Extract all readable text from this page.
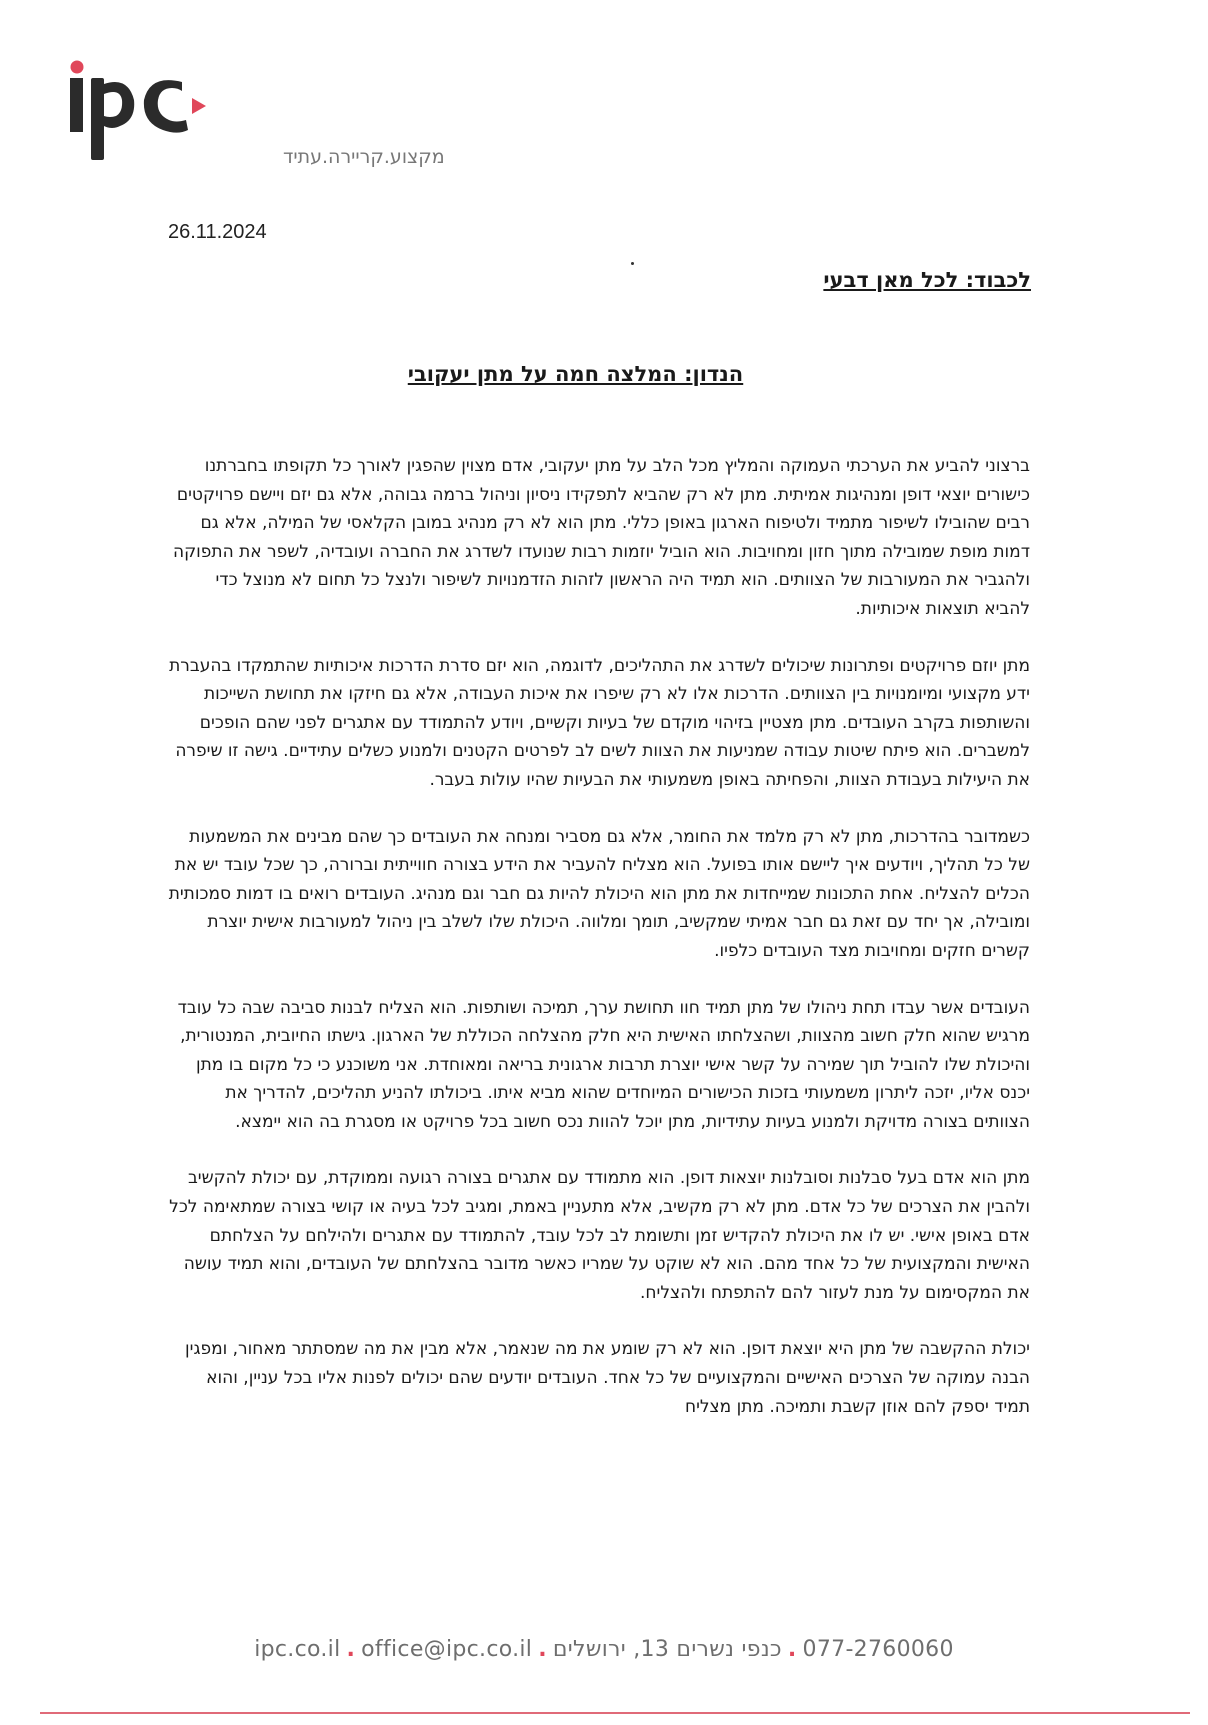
מקצוע.קריירה.עתיד
26.11.2024
לכבוד: לכל מאן דבעי
הנדון: המלצה חמה על מתן יעקובי

ברצוני להביע את הערכתי העמוקה והמליץ מכל הלב על מתן יעקובי, אדם מצוין שהפגין לאורך כל תקופתו בחברתנו כישורים יוצאי דופן ומנהיגות אמיתית. מתן לא רק שהביא לתפקידו ניסיון וניהול ברמה גבוהה, אלא גם יזם ויישם פרויקטים רבים שהובילו לשיפור מתמיד ולטיפוח הארגון באופן כללי. מתן הוא לא רק מנהיג במובן הקלאסי של המילה, אלא גם דמות מופת שמובילה מתוך חזון ומחויבות. הוא הוביל יוזמות רבות שנועדו לשדרג את החברה ועובדיה, לשפר את התפוקה ולהגביר את המעורבות של הצוותים. הוא תמיד היה הראשון לזהות הזדמנויות לשיפור ולנצל כל תחום לא מנוצל כדי להביא תוצאות איכותיות.

מתן יוזם פרויקטים ופתרונות שיכולים לשדרג את התהליכים, לדוגמה, הוא יזם סדרת הדרכות איכותיות שהתמקדו בהעברת ידע מקצועי ומיומנויות בין הצוותים. הדרכות אלו לא רק שיפרו את איכות העבודה, אלא גם חיזקו את תחושת השייכות והשותפות בקרב העובדים. מתן מצטיין בזיהוי מוקדם של בעיות וקשיים, ויודע להתמודד עם אתגרים לפני שהם הופכים למשברים. הוא פיתח שיטות עבודה שמניעות את הצוות לשים לב לפרטים הקטנים ולמנוע כשלים עתידיים. גישה זו שיפרה את היעילות בעבודת הצוות, והפחיתה באופן משמעותי את הבעיות שהיו עולות בעבר.

כשמדובר בהדרכות, מתן לא רק מלמד את החומר, אלא גם מסביר ומנחה את העובדים כך שהם מבינים את המשמעות של כל תהליך, ויודעים איך ליישם אותו בפועל. הוא מצליח להעביר את הידע בצורה חווייתית וברורה, כך שכל עובד יש את הכלים להצליח. אחת התכונות שמייחדות את מתן הוא היכולת להיות גם חבר וגם מנהיג. העובדים רואים בו דמות סמכותית ומובילה, אך יחד עם זאת גם חבר אמיתי שמקשיב, תומך ומלווה. היכולת שלו לשלב בין ניהול למעורבות אישית יוצרת קשרים חזקים ומחויבות מצד העובדים כלפיו.

העובדים אשר עבדו תחת ניהולו של מתן תמיד חוו תחושת ערך, תמיכה ושותפות. הוא הצליח לבנות סביבה שבה כל עובד מרגיש שהוא חלק חשוב מהצוות, ושהצלחתו האישית היא חלק מהצלחה הכוללת של הארגון. גישתו החיובית, המנטורית, והיכולת שלו להוביל תוך שמירה על קשר אישי יוצרת תרבות ארגונית בריאה ומאוחדת. אני משוכנע כי כל מקום בו מתן יכנס אליו, יזכה ליתרון משמעותי בזכות הכישורים המיוחדים שהוא מביא איתו. ביכולתו להניע תהליכים, להדריך את הצוותים בצורה מדויקת ולמנוע בעיות עתידיות, מתן יוכל להוות נכס חשוב בכל פרויקט או מסגרת בה הוא יימצא.

מתן הוא אדם בעל סבלנות וסובלנות יוצאות דופן. הוא מתמודד עם אתגרים בצורה רגועה וממוקדת, עם יכולת להקשיב ולהבין את הצרכים של כל אדם. מתן לא רק מקשיב, אלא מתעניין באמת, ומגיב לכל בעיה או קושי בצורה שמתאימה לכל אדם באופן אישי. יש לו את היכולת להקדיש זמן ותשומת לב לכל עובד, להתמודד עם אתגרים ולהילחם על הצלחתם האישית והמקצועית של כל אחד מהם. הוא לא שוקט על שמריו כאשר מדובר בהצלחתם של העובדים, והוא תמיד עושה את המקסימום על מנת לעזור להם להתפתח ולהצליח.

יכולת ההקשבה של מתן היא יוצאת דופן. הוא לא רק שומע את מה שנאמר, אלא מבין את מה שמסתתר מאחור, ומפגין הבנה עמוקה של הצרכים האישיים והמקצועיים של כל אחד. העובדים יודעים שהם יכולים לפנות אליו בכל עניין, והוא תמיד יספק להם אוזן קשבת ותמיכה. מתן מצליח

ipc.co.il . office@ipc.co.il . כנפי נשרים 13, ירושלים . 077-2760060
